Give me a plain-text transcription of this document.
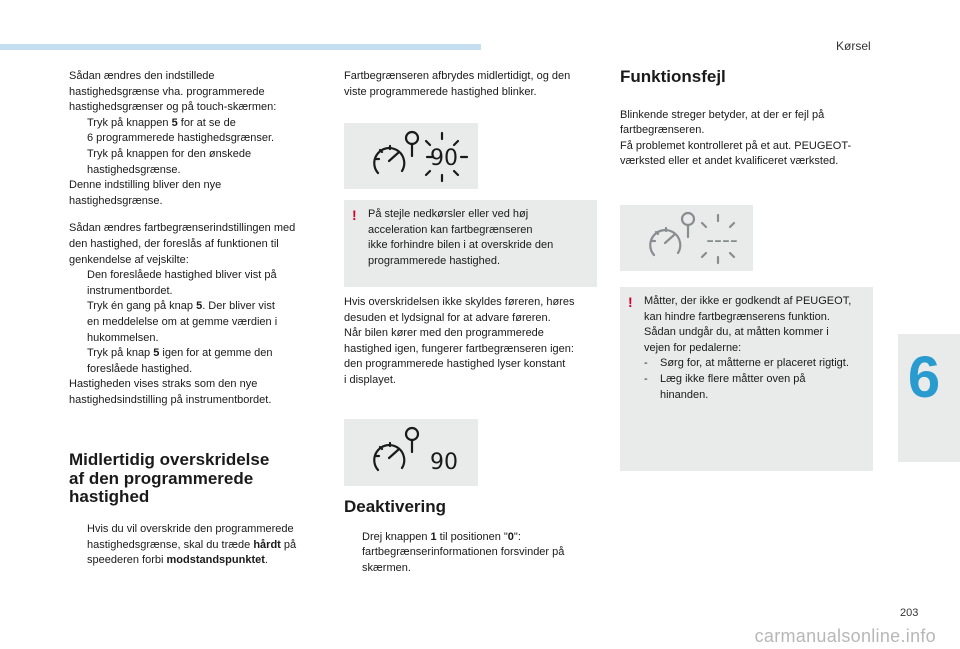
Kørsel
6
203
carmanualsonline.info

Sådan ændres den indstillede

hastighedsgrænse vha. programmerede

hastighedsgrænser og på touch-skærmen:

Tryk på knappen 5 for at se de

6 programmerede hastighedsgrænser.

Tryk på knappen for den ønskede

hastighedsgrænse.

Denne indstilling bliver den nye

hastighedsgrænse.

Sådan ændres fartbegrænserindstillingen med

den hastighed, der foreslås af funktionen til

genkendelse af vejskilte:

Den foreslåede hastighed bliver vist på

instrumentbordet.

Tryk én gang på knap 5. Der bliver vist

en meddelelse om at gemme værdien i

hukommelsen.

Tryk på knap 5 igen for at gemme den

foreslåede hastighed.

Hastigheden vises straks som den nye

hastighedsindstilling på instrumentbordet.

Midlertidig overskridelse

af den programmerede

hastighed

Hvis du vil overskride den programmerede

hastighedsgrænse, skal du træde hårdt på

speederen forbi modstandspunktet.

Fartbegrænseren afbrydes midlertidigt, og den

viste programmerede hastighed blinker.

90
! På stejle nedkørsler eller ved høj

acceleration kan fartbegrænseren

ikke forhindre bilen i at overskride den

programmerede hastighed.

Hvis overskridelsen ikke skyldes føreren, høres

desuden et lydsignal for at advare føreren.

Når bilen kører med den programmerede

hastighed igen, fungerer fartbegrænseren igen:

den programmerede hastighed lyser konstant

i displayet.

90

Deaktivering

Drej knappen 1 til positionen "0":

fartbegrænserinformationen forsvinder på

skærmen.

Funktionsfejl

Blinkende streger betyder, at der er fejl på

fartbegrænseren.

Få problemet kontrolleret på et aut. PEUGEOT-

værksted eller et andet kvalificeret værksted.

----
! Måtter, der ikke er godkendt af PEUGEOT,

kan hindre fartbegrænserens funktion.

Sådan undgår du, at måtten kommer i

vejen for pedalerne:

-	Sørg for, at måtterne er placeret rigtigt.
-	Læg ikke flere måtter oven på

hinanden.
